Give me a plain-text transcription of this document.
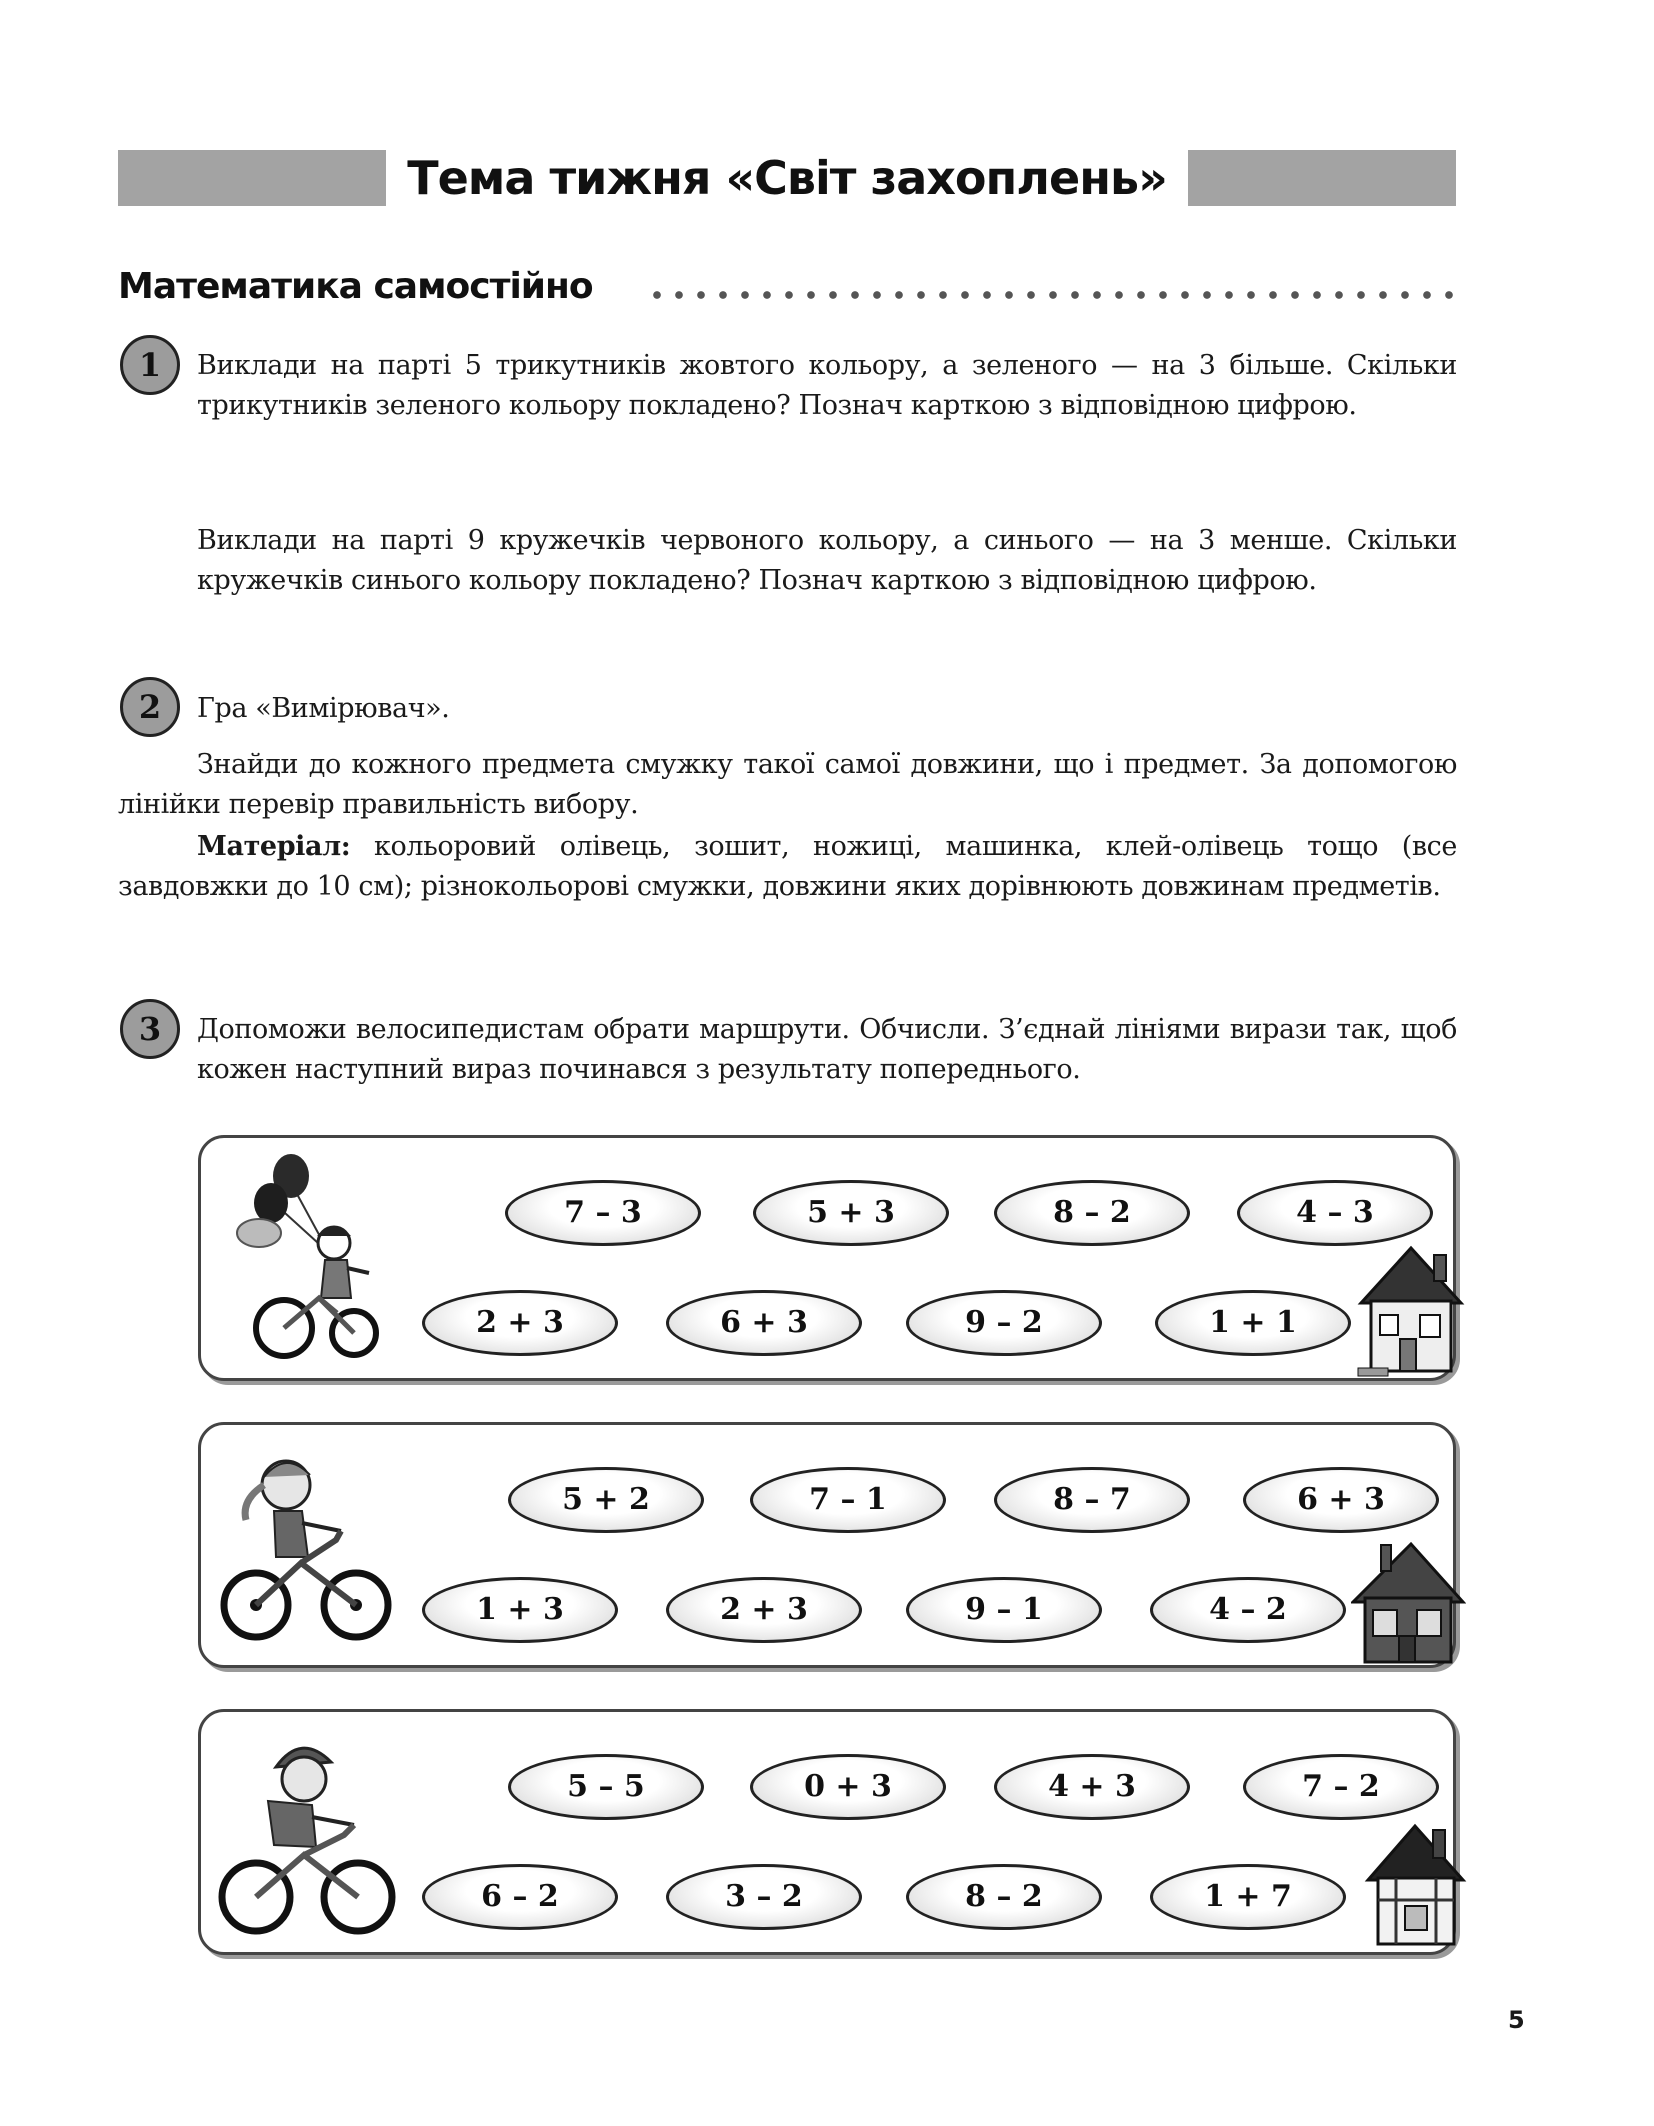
Тема тижня «Світ захоплень»
Математика самостійно
1	Виклади на парті 5 трикутників жовтого кольору, а зеленого — на 3 більше. Скільки трикутників зеленого кольору покладено? Познач карткою з відповідною цифрою.

Виклади на парті 9 кружечків червоного кольору, а синього — на 3 менше. Скільки кружечків синього кольору покладено? Познач карткою з відповідною цифрою.

2	Гра «Вимірювач».

Знайди до кожного предмета смужку такої самої довжини, що і предмет. За допомогою лінійки перевір правильність вибору.

Матеріал: кольоровий олівець, зошит, ножиці, машинка, клей-олівець тощо (все завдовжки до 10 см); різнокольорові смужки, довжини яких дорівнюють довжинам предметів.

3	Допоможи велосипедистам обрати маршрути. Обчисли. З’єднай лініями вирази так, щоб кожен наступний вираз починався з результату попереднього.

7 – 3	5 + 3	8 – 2	4 – 3
2 + 3	6 + 3	9 – 2	1 + 1
5 + 2	7 – 1	8 – 7	6 + 3
1 + 3	2 + 3	9 – 1	4 – 2
5 – 5	0 + 3	4 + 3	7 – 2
6 – 2	3 – 2	8 – 2	1 + 7
5
